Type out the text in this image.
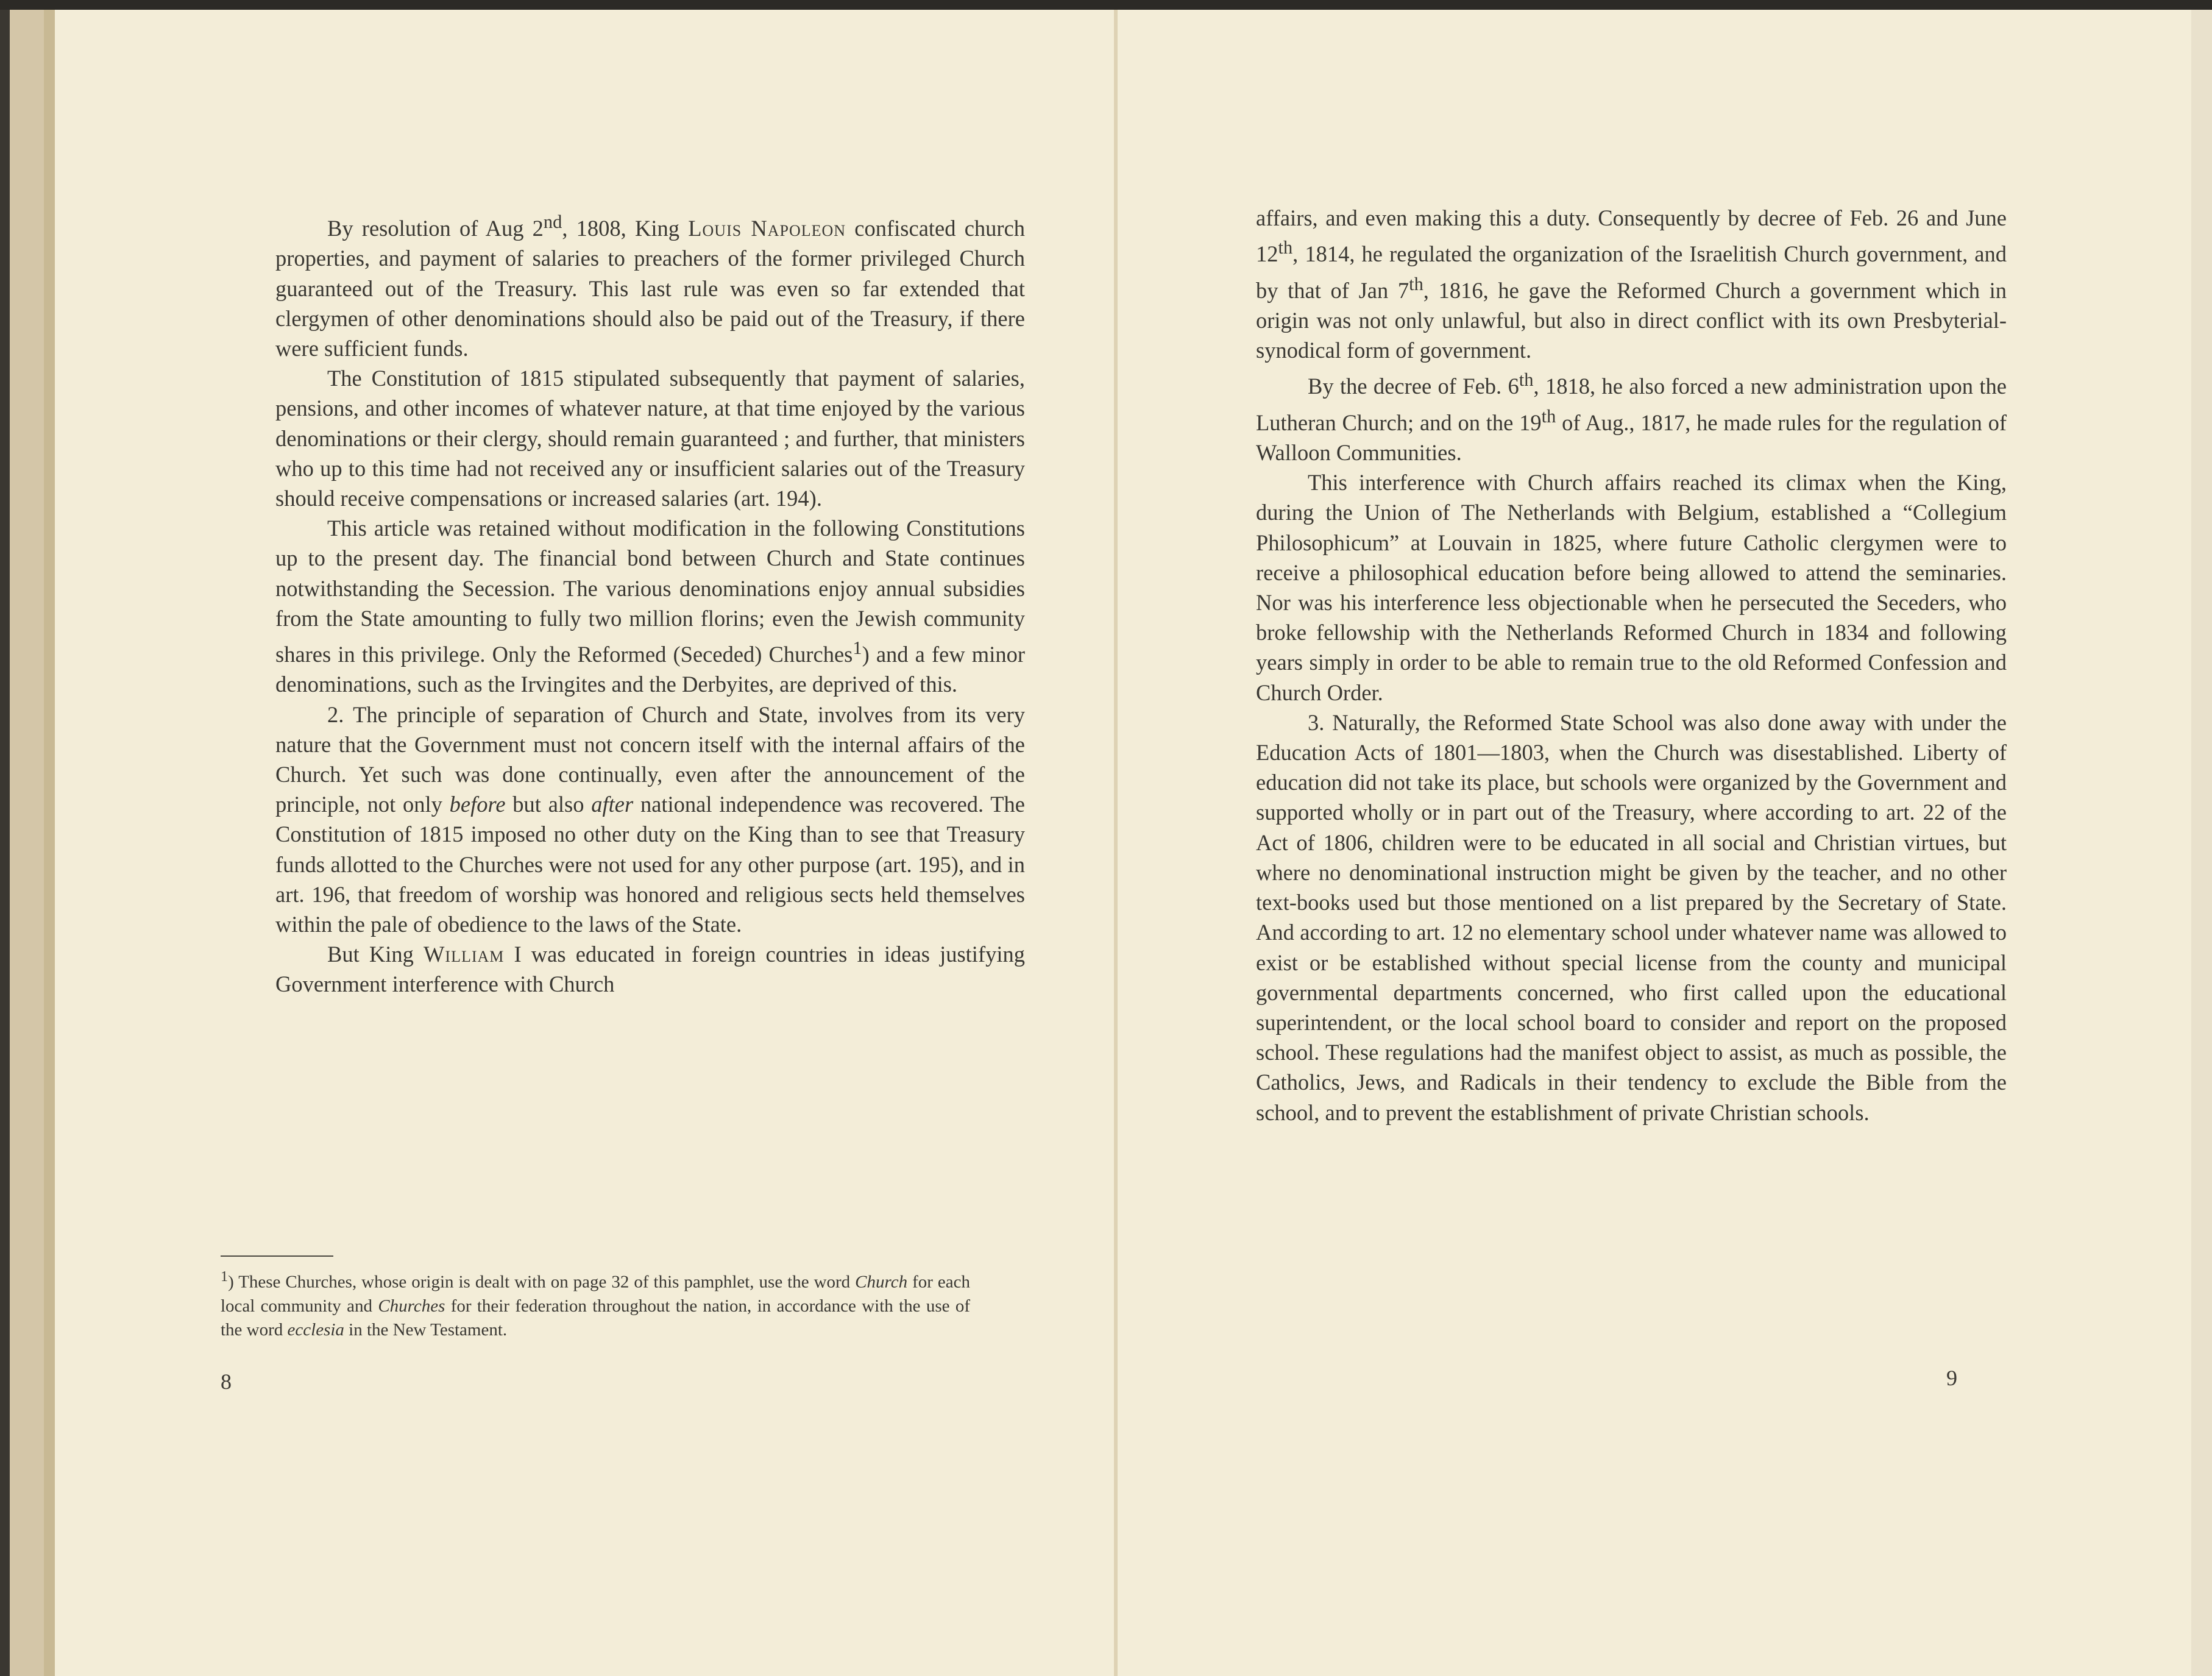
By resolution of Aug 2nd, 1808, King Louis Napoleon confiscated church properties, and payment of salaries to preachers of the former privileged Church guaranteed out of the Treasury. This last rule was even so far extended that clergymen of other denominations should also be paid out of the Treasury, if there were sufficient funds.

The Constitution of 1815 stipulated subsequently that payment of salaries, pensions, and other incomes of whatever nature, at that time enjoyed by the various denominations or their clergy, should remain guaranteed ; and further, that ministers who up to this time had not received any or insufficient salaries out of the Treasury should receive compensations or increased salaries (art. 194).

This article was retained without modification in the following Constitutions up to the present day. The financial bond between Church and State continues notwithstanding the Secession. The various denominations enjoy annual subsidies from the State amounting to fully two million florins; even the Jewish community shares in this privilege. Only the Reformed (Seceded) Churches$^1$) and a few minor denominations, such as the Irvingites and the Derbyites, are deprived of this.

2. The principle of separation of Church and State, involves from its very nature that the Government must not concern itself with the internal affairs of the Church. Yet such was done continually, even after the announcement of the principle, not only before but also after national independence was recovered. The Constitution of 1815 imposed no other duty on the King than to see that Treasury funds allotted to the Churches were not used for any other purpose (art. 195), and in art. 196, that freedom of worship was honored and religious sects held themselves within the pale of obedience to the laws of the State.

But King William I was educated in foreign countries in ideas justifying Government interference with Church

affairs, and even making this a duty. Consequently by decree of Feb. 26 and June 12th, 1814, he regulated the organization of the Israelitish Church government, and by that of Jan 7th, 1816, he gave the Reformed Church a government which in origin was not only unlawful, but also in direct conflict with its own Presbyterial-synodical form of government.

By the decree of Feb. 6th, 1818, he also forced a new administration upon the Lutheran Church; and on the 19th of Aug., 1817, he made rules for the regulation of Walloon Communities.

This interference with Church affairs reached its climax when the King, during the Union of The Netherlands with Belgium, established a “Collegium Philosophicum” at Louvain in 1825, where future Catholic clergymen were to receive a philosophical education before being allowed to attend the seminaries. Nor was his interference less objectionable when he persecuted the Seceders, who broke fellowship with the Netherlands Reformed Church in 1834 and following years simply in order to be able to remain true to the old Reformed Confession and Church Order.

3. Naturally, the Reformed State School was also done away with under the Education Acts of 1801—1803, when the Church was disestablished. Liberty of education did not take its place, but schools were organized by the Government and supported wholly or in part out of the Treasury, where according to art. 22 of the Act of 1806, children were to be educated in all social and Christian virtues, but where no denominational instruction might be given by the teacher, and no other text-books used but those mentioned on a list prepared by the Secretary of State. And according to art. 12 no elementary school under whatever name was allowed to exist or be established without special license from the county and municipal governmental departments concerned, who first called upon the educational superintendent, or the local school board to consider and report on the proposed school. These regulations had the manifest object to assist, as much as possible, the Catholics, Jews, and Radicals in their tendency to exclude the Bible from the school, and to prevent the establishment of private Christian schools.

$^1$) These Churches, whose origin is dealt with on page 32 of this pamphlet, use the word Church for each local community and Churches for their federation throughout the nation, in accordance with the use of the word ecclesia in the New Testament.
8	9
